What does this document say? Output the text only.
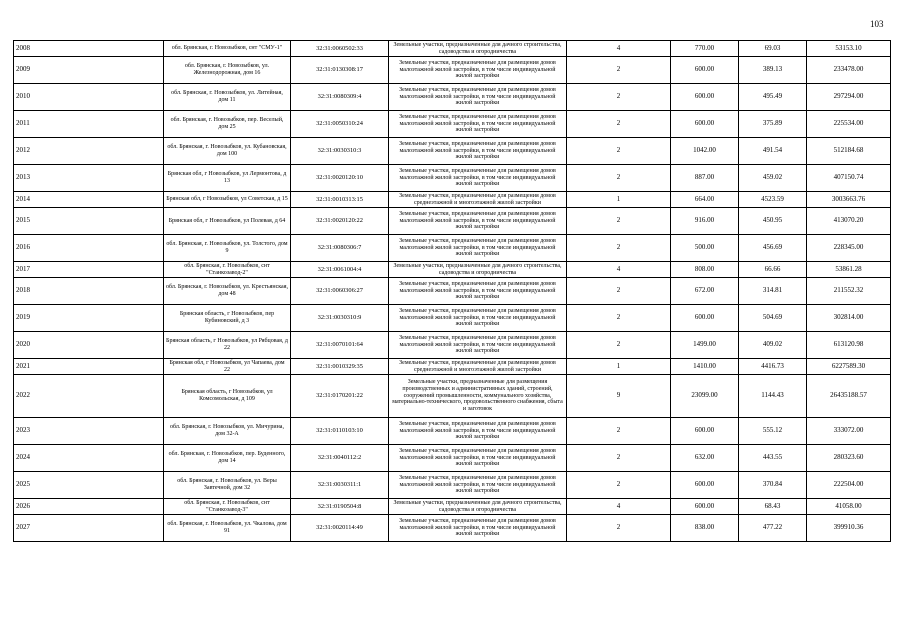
103
2008	обл. Брянская, г. Новозыбков, снт "СМУ-1"	32:31:0060502:33	Земельные участки, предназначенные для дачного строительства, садоводства и огородничества	4	770.00	69.03	53153.10
2009	обл. Брянская, г. Новозыбков, ул. Железнодорожная, дом 16	32:31:0130308:17	Земельные участки, предназначенные для размещения домов малоэтажной жилой застройки, в том числе индивидуальной жилой застройки	2	600.00	389.13	233478.00
2010	обл. Брянская, г. Новозыбков, ул. Литейная, дом 11	32:31:0080309:4	Земельные участки, предназначенные для размещения домов малоэтажной жилой застройки, в том числе индивидуальной жилой застройки	2	600.00	495.49	297294.00
2011	обл. Брянская, г. Новозыбков, пер. Веселый, дом 25	32:31:0050310:24	Земельные участки, предназначенные для размещения домов малоэтажной жилой застройки, в том числе индивидуальной жилой застройки	2	600.00	375.89	225534.00
2012	обл. Брянская, г. Новозыбков, ул. Кубановская, дом 100	32:31:0030310:3	Земельные участки, предназначенные для размещения домов малоэтажной жилой застройки, в том числе индивидуальной жилой застройки	2	1042.00	491.54	512184.68
2013	Брянская обл, г Новозыбков, ул Лермонтова, д 13	32:31:0020120:10	Земельные участки, предназначенные для размещения домов малоэтажной жилой застройки, в том числе индивидуальной жилой застройки	2	887.00	459.02	407150.74
2014	Брянская обл, г Новозыбков, ул Советская, д 15	32:31:0010313:15	Земельные участки, предназначенные для размещения домов среднеэтажной и многоэтажной жилой застройки	1	664.00	4523.59	3003663.76
2015	Брянская обл, г Новозыбков, ул Полевая, д 64	32:31:0020120:22	Земельные участки, предназначенные для размещения домов малоэтажной жилой застройки, в том числе индивидуальной жилой застройки	2	916.00	450.95	413070.20
2016	обл. Брянская, г. Новозыбков, ул. Толстого, дом 9	32:31:0080306:7	Земельные участки, предназначенные для размещения домов малоэтажной жилой застройки, в том числе индивидуальной жилой застройки	2	500.00	456.69	228345.00
2017	обл. Брянская, г. Новозыбков, снт "Станкозавод-2"	32:31:0061004:4	Земельные участки, предназначенные для дачного строительства, садоводства и огородничества	4	808.00	66.66	53861.28
2018	обл. Брянская, г. Новозыбков, ул. Крестьянская, дом 48	32:31:0060306:27	Земельные участки, предназначенные для размещения домов малоэтажной жилой застройки, в том числе индивидуальной жилой застройки	2	672.00	314.81	211552.32
2019	Брянская область, г Новозыбков, пер Кубиновский, д 3	32:31:0030310:9	Земельные участки, предназначенные для размещения домов малоэтажной жилой застройки, в том числе индивидуальной жилой застройки	2	600.00	504.69	302814.00
2020	Брянская область, г Новозыбков, ул Рябцовая, д 22	32:31:0070101:64	Земельные участки, предназначенные для размещения домов малоэтажной жилой застройки, в том числе индивидуальной жилой застройки	2	1499.00	409.02	613120.98
2021	Брянская обл, г Новозыбков, ул Чапаева, дом 22	32:31:0010329:35	Земельные участки, предназначенные для размещения домов среднеэтажной и многоэтажной жилой застройки	1	1410.00	4416.73	6227589.30
2022	Брянская область, г Новозыбков, ул Комсомольская, д 109	32:31:0170201:22	Земельные участки, предназначенные для размещения производственных и административных зданий, строений, сооружений промышленности, коммунального хозяйства, материально-технического, продовольственного снабжения, сбыта и заготовок	9	23099.00	1144.43	26435188.57
2023	обл. Брянская, г. Новозыбков, ул. Мичурина, дом 32-А	32:31:0110103:10	Земельные участки, предназначенные для размещения домов малоэтажной жилой застройки, в том числе индивидуальной жилой застройки	2	600.00	555.12	333072.00
2024	обл. Брянская, г. Новозыбков, пер. Буденного, дом 14	32:31:0040112:2	Земельные участки, предназначенные для размещения домов малоэтажной жилой застройки, в том числе индивидуальной жилой застройки	2	632.00	443.55	280323.60
2025	обл. Брянская, г. Новозыбков, ул. Веры Завтечной, дом 32	32:31:0030311:1	Земельные участки, предназначенные для размещения домов малоэтажной жилой застройки, в том числе индивидуальной жилой застройки	2	600.00	370.84	222504.00
2026	обл. Брянская, г. Новозыбков, снт "Станкозавод-3"	32:31:0190504:8	Земельные участки, предназначенные для дачного строительства, садоводства и огородничества	4	600.00	68.43	41058.00
2027	обл. Брянская, г. Новозыбков, ул. Чкалова, дом 91	32:31:0020114:49	Земельные участки, предназначенные для размещения домов малоэтажной жилой застройки, в том числе индивидуальной жилой застройки	2	838.00	477.22	399910.36
